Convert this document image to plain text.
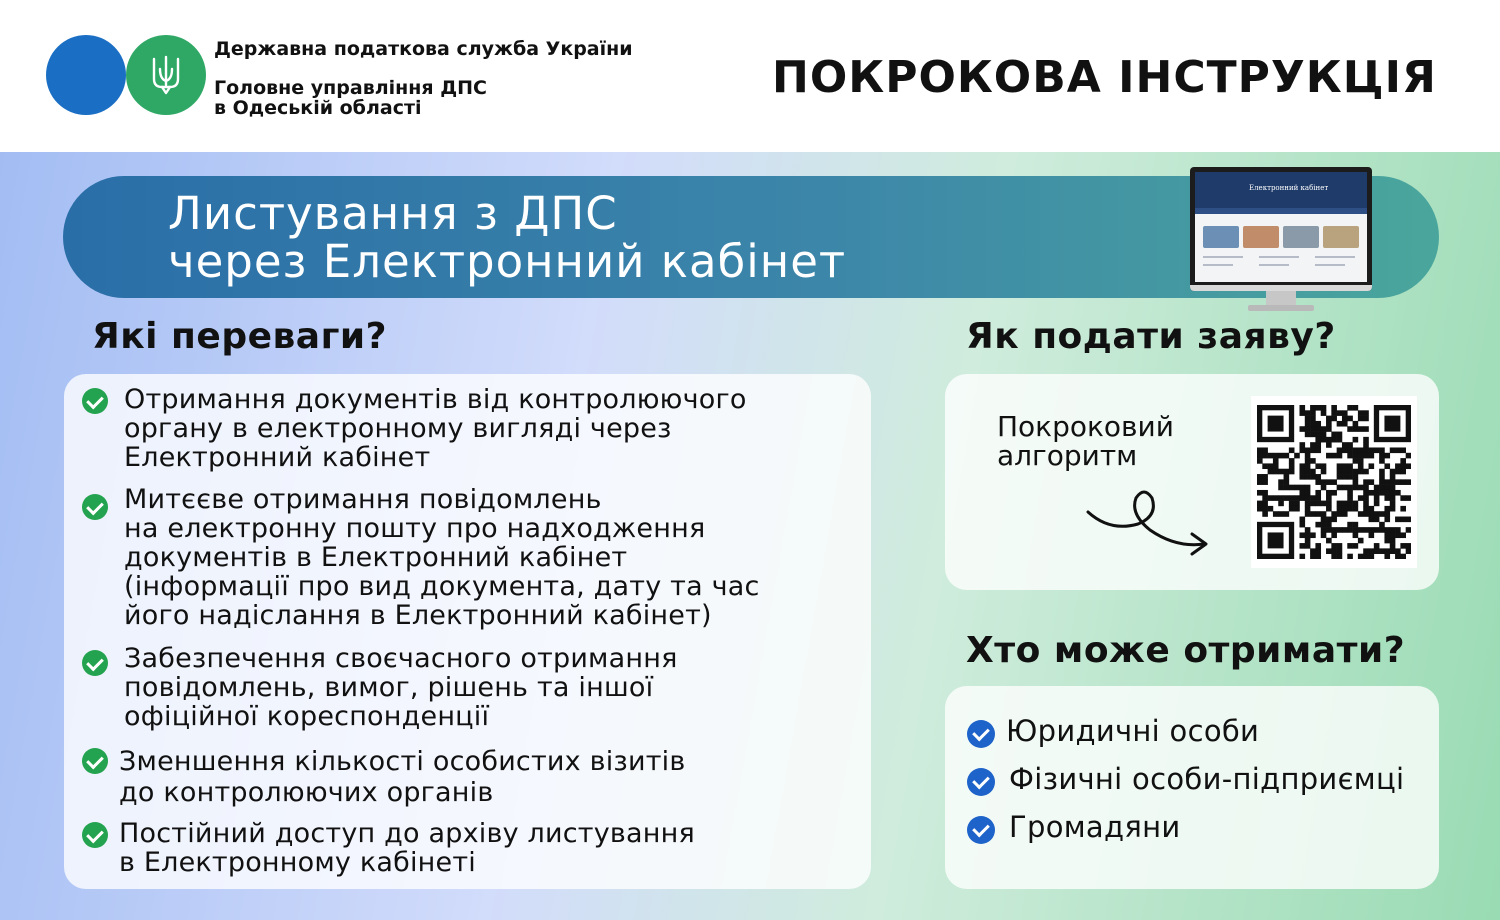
Державна податкова служба України
Головне управління ДПС
в Одеській області
ПОКРОКОВА ІНСТРУКЦІЯ
Листування з ДПС
через Електронний кабінет
Електронний кабінет
Які переваги?
Отримання документів від контролюючого
органу в електронному вигляді через
Електронний кабінет
Митєєве отримання повідомлень
на електронну пошту про надходження
документів в Електронний кабінет
(інформації про вид документа, дату та час
його надіслання в Електронний кабінет)
Забезпечення своєчасного отримання
повідомлень, вимог, рішень та іншої
офіційної кореспонденції
Зменшення кількості особистих візитів
до контролюючих органів
Постійний доступ до архіву листування
в Електронному кабінеті
Як подати заяву?
Покроковий
алгоритм
Хто може отримати?
Юридичні особи
Фізичні особи-підприємці
Громадяни
